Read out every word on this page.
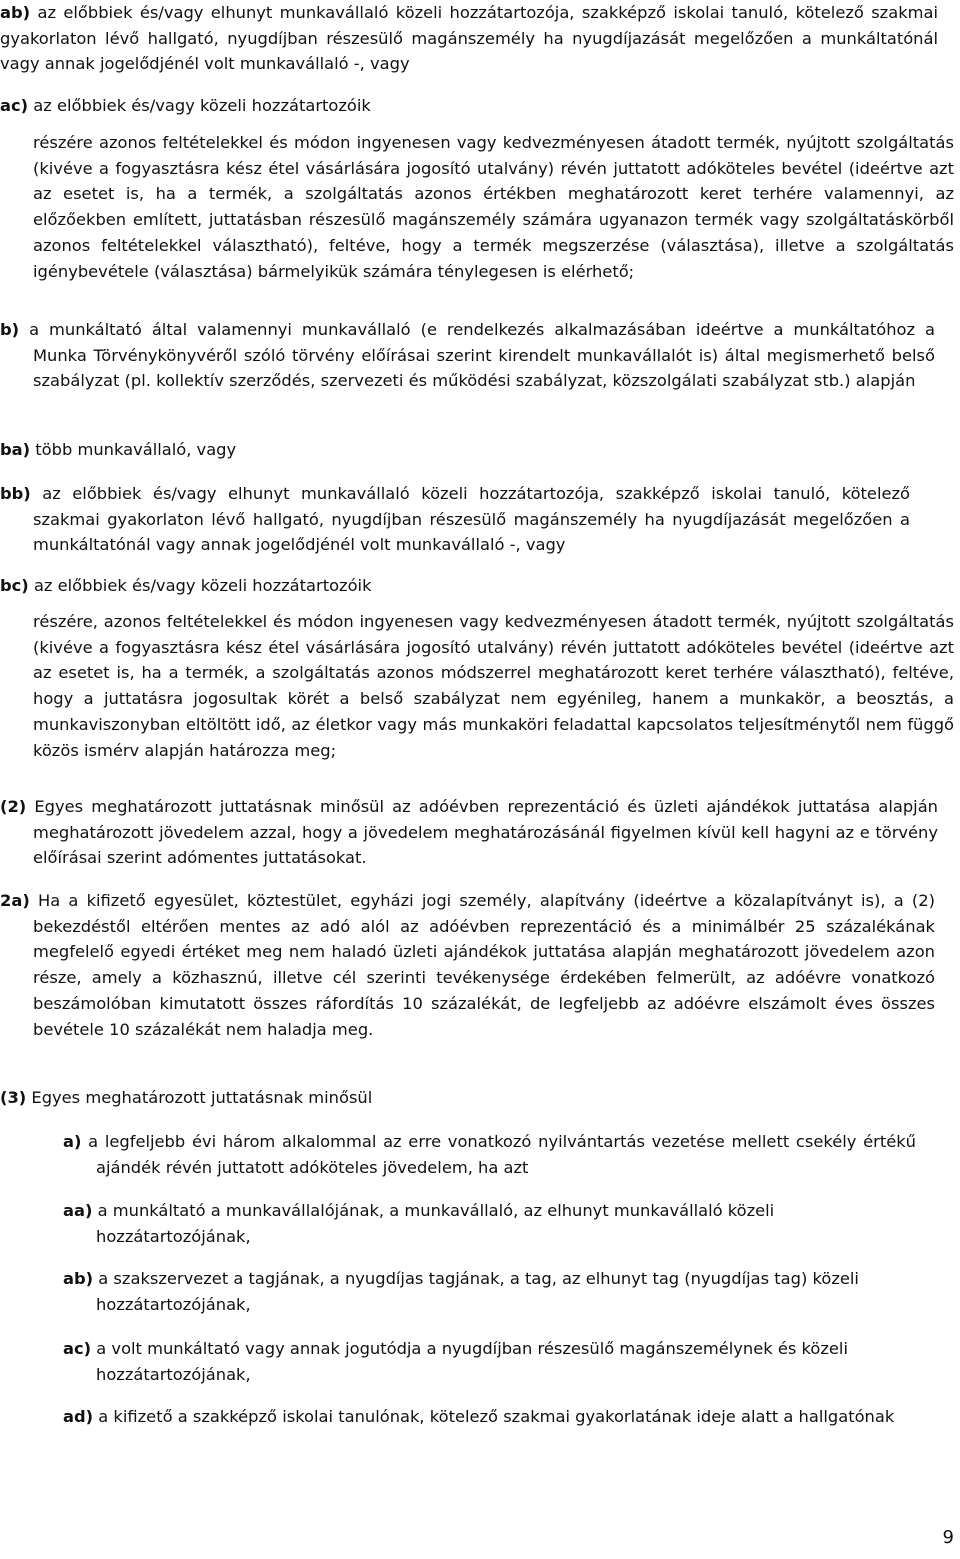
ab) az előbbiek és/vagy elhunyt munkavállaló közeli hozzátartozója, szakképző iskolai tanuló, kötelező szakmai gyakorlaton lévő hallgató, nyugdíjban részesülő magánszemély ha nyugdíjazását megelőzően a munkáltatónál vagy annak jogelődjénél volt munkavállaló -, vagy

ac) az előbbiek és/vagy közeli hozzátartozóik

részére azonos feltételekkel és módon ingyenesen vagy kedvezményesen átadott termék, nyújtott szolgáltatás (kivéve a fogyasztásra kész étel vásárlására jogosító utalvány) révén juttatott adóköteles bevétel (ideértve azt az esetet is, ha a termék, a szolgáltatás azonos értékben meghatározott keret terhére valamennyi, az előzőekben említett, juttatásban részesülő magánszemély számára ugyanazon termék vagy szolgáltatáskörből azonos feltételekkel választható), feltéve, hogy a termék megszerzése (választása), illetve a szolgáltatás igénybevétele (választása) bármelyikük számára ténylegesen is elérhető;

b) a munkáltató által valamennyi munkavállaló (e rendelkezés alkalmazásában ideértve a munkáltatóhoz a Munka Törvénykönyvéről szóló törvény előírásai szerint kirendelt munkavállalót is) által megismerhető belső szabályzat (pl. kollektív szerződés, szervezeti és működési szabályzat, közszolgálati szabályzat stb.) alapján

ba) több munkavállaló, vagy

bb) az előbbiek és/vagy elhunyt munkavállaló közeli hozzátartozója, szakképző iskolai tanuló, kötelező szakmai gyakorlaton lévő hallgató, nyugdíjban részesülő magánszemély ha nyugdíjazását megelőzően a munkáltatónál vagy annak jogelődjénél volt munkavállaló -, vagy

bc) az előbbiek és/vagy közeli hozzátartozóik

részére, azonos feltételekkel és módon ingyenesen vagy kedvezményesen átadott termék, nyújtott szolgáltatás (kivéve a fogyasztásra kész étel vásárlására jogosító utalvány) révén juttatott adóköteles bevétel (ideértve azt az esetet is, ha a termék, a szolgáltatás azonos módszerrel meghatározott keret terhére választható), feltéve, hogy a juttatásra jogosultak körét a belső szabályzat nem egyénileg, hanem a munkakör, a beosztás, a munkaviszonyban eltöltött idő, az életkor vagy más munkaköri feladattal kapcsolatos teljesítménytől nem függő közös ismérv alapján határozza meg;

(2) Egyes meghatározott juttatásnak minősül az adóévben reprezentáció és üzleti ajándékok juttatása alapján meghatározott jövedelem azzal, hogy a jövedelem meghatározásánál figyelmen kívül kell hagyni az e törvény előírásai szerint adómentes juttatásokat.

2a) Ha a kifizető egyesület, köztestület, egyházi jogi személy, alapítvány (ideértve a közalapítványt is), a (2) bekezdéstől eltérően mentes az adó alól az adóévben reprezentáció és a minimálbér 25 százalékának megfelelő egyedi értéket meg nem haladó üzleti ajándékok juttatása alapján meghatározott jövedelem azon része, amely a közhasznú, illetve cél szerinti tevékenysége érdekében felmerült, az adóévre vonatkozó beszámolóban kimutatott összes ráfordítás 10 százalékát, de legfeljebb az adóévre elszámolt éves összes bevétele 10 százalékát nem haladja meg.

(3) Egyes meghatározott juttatásnak minősül

a) a legfeljebb évi három alkalommal az erre vonatkozó nyilvántartás vezetése mellett csekély értékű ajándék révén juttatott adóköteles jövedelem, ha azt

aa) a munkáltató a munkavállalójának, a munkavállaló, az elhunyt munkavállaló közeli hozzátartozójának,

ab) a szakszervezet a tagjának, a nyugdíjas tagjának, a tag, az elhunyt tag (nyugdíjas tag) közeli hozzátartozójának,

ac) a volt munkáltató vagy annak jogutódja a nyugdíjban részesülő magánszemélynek és közeli hozzátartozójának,

ad) a kifizető a szakképző iskolai tanulónak, kötelező szakmai gyakorlatának ideje alatt a hallgatónak

9
